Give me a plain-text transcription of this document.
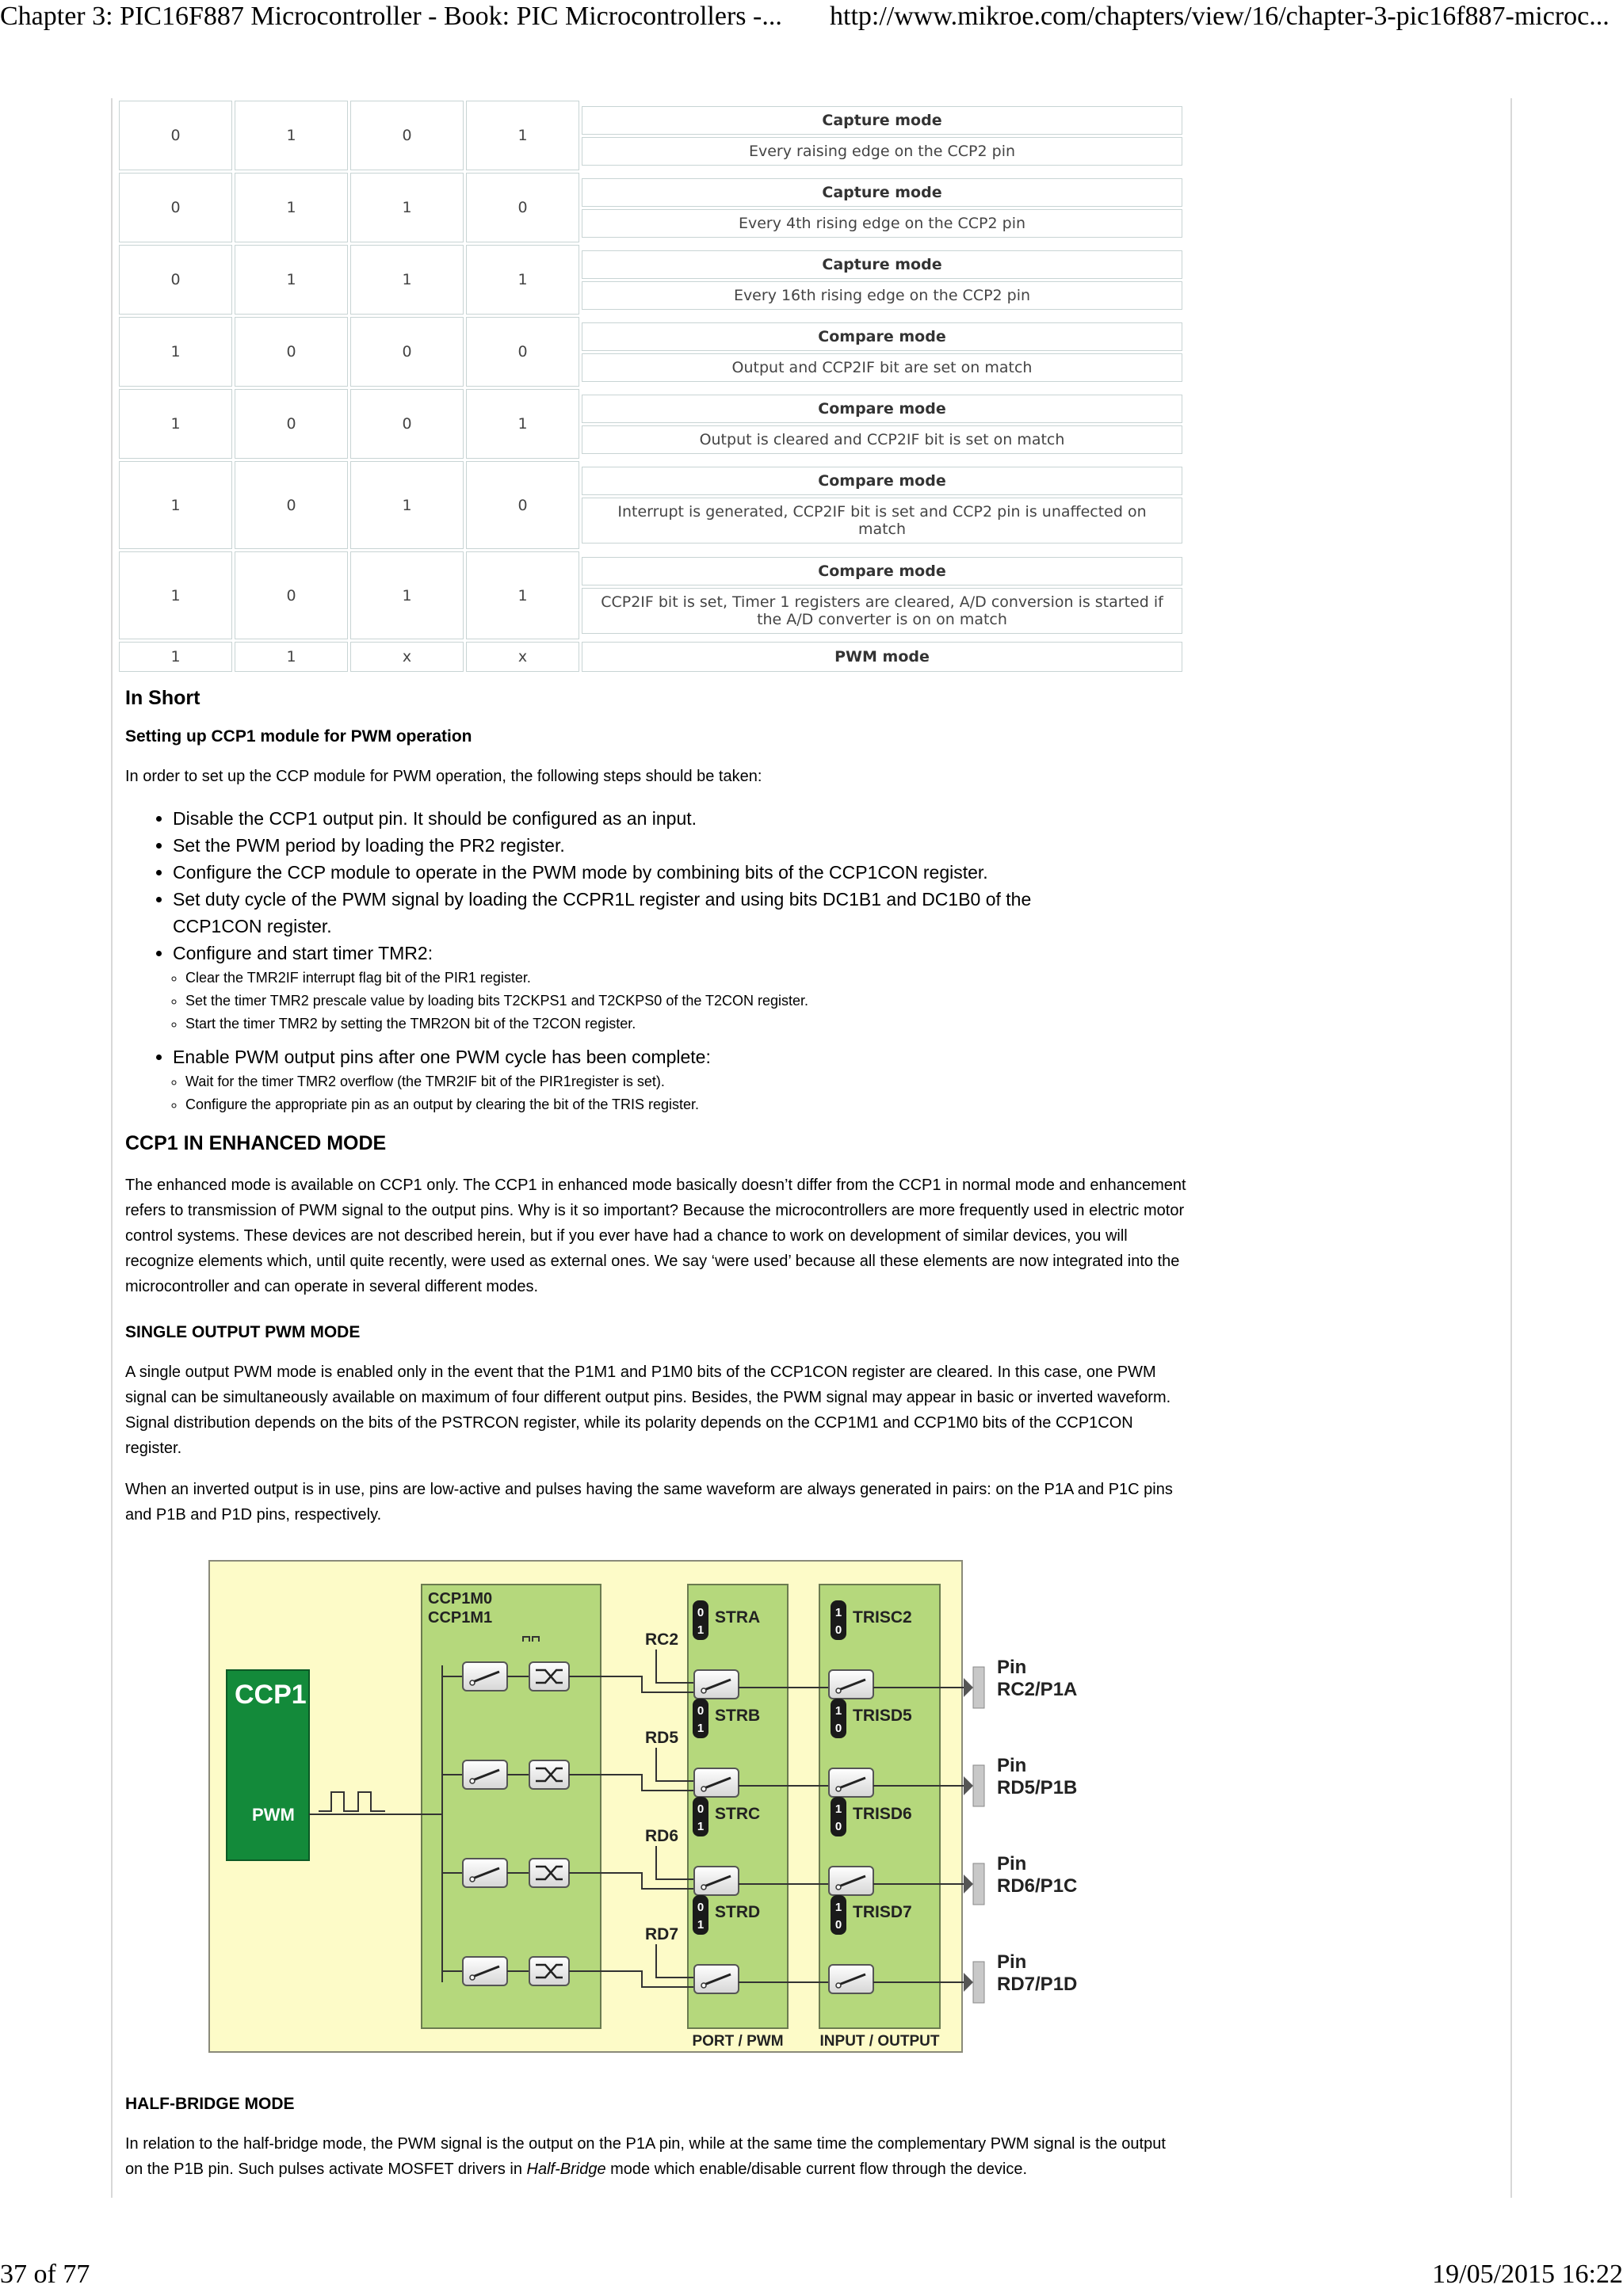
Chapter 3: PIC16F887 Microcontroller - Book: PIC Microcontrollers -... http://www.mikroe.com/chapters/view/16/chapter-3-pic16f887-microc...
0	1	0	1	Capture mode
Every raising edge on the CCP2 pin

0	1	1	0	Capture mode
Every 4th rising edge on the CCP2 pin

0	1	1	1	Capture mode
Every 16th rising edge on the CCP2 pin

1	0	0	0	Compare mode
Output and CCP2IF bit are set on match

1	0	0	1	Compare mode
Output is cleared and CCP2IF bit is set on match

1	0	1	0	Compare mode
Interrupt is generated, CCP2IF bit is set and CCP2 pin is unaffected on match

1	0	1	1	Compare mode
CCP2IF bit is set, Timer 1 registers are cleared, A/D conversion is started if the A/D converter is on on match

1	1	x	x	PWM mode
In Short
Setting up CCP1 module for PWM operation

In order to set up the CCP module for PWM operation, the following steps should be taken:

• Disable the CCP1 output pin. It should be configured as an input.
• Set the PWM period by loading the PR2 register.
• Configure the CCP module to operate in the PWM mode by combining bits of the CCP1CON register.
• Set duty cycle of the PWM signal by loading the CCPR1L register and using bits DC1B1 and DC1B0 of the CCP1CON register.
• Configure and start timer TMR2:
◦ Clear the TMR2IF interrupt flag bit of the PIR1 register.
◦ Set the timer TMR2 prescale value by loading bits T2CKPS1 and T2CKPS0 of the T2CON register.
◦ Start the timer TMR2 by setting the TMR2ON bit of the T2CON register.
• Enable PWM output pins after one PWM cycle has been complete:
◦ Wait for the timer TMR2 overflow (the TMR2IF bit of the PIR1register is set).
◦ Configure the appropriate pin as an output by clearing the bit of the TRIS register.
CCP1 IN ENHANCED MODE

The enhanced mode is available on CCP1 only. The CCP1 in enhanced mode basically doesn’t differ from the CCP1 in normal mode and enhancement refers to transmission of PWM signal to the output pins. Why is it so important? Because the microcontrollers are more frequently used in electric motor control systems. These devices are not described herein, but if you ever have had a chance to work on development of similar devices, you will recognize elements which, until quite recently, were used as external ones. We say ‘were used’ because all these elements are now integrated into the microcontroller and can operate in several different modes.

SINGLE OUTPUT PWM MODE

A single output PWM mode is enabled only in the event that the P1M1 and P1M0 bits of the CCP1CON register are cleared. In this case, one PWM signal can be simultaneously available on maximum of four different output pins. Besides, the PWM signal may appear in basic or inverted waveform. Signal distribution depends on the bits of the PSTRCON register, while its polarity depends on the CCP1M1 and CCP1M0 bits of the CCP1CON register.

When an inverted output is in use, pins are low-active and pulses having the same waveform are always generated in pairs: on the P1A and P1C pins and P1B and P1D pins, respectively.

CCP1M0
CCP1M1
PORT / PWM INPUT / OUTPUT
CCP1
PWM
RC2
0
1
STRA
RD5
0
1
STRB
RD6
0
1
STRC
RD7
0
1
STRD
1
0
TRISC2
Pin
RC2/P1A
1
0
TRISD5
Pin
RD5/P1B
1
0
TRISD6
Pin
RD6/P1C
1
0
TRISD7
Pin
RD7/P1D
HALF-BRIDGE MODE

In relation to the half-bridge mode, the PWM signal is the output on the P1A pin, while at the same time the complementary PWM signal is the output on the P1B pin. Such pulses activate MOSFET drivers in Half-Bridge mode which enable/disable current flow through the device.

37 of 77	19/05/2015 16:22
